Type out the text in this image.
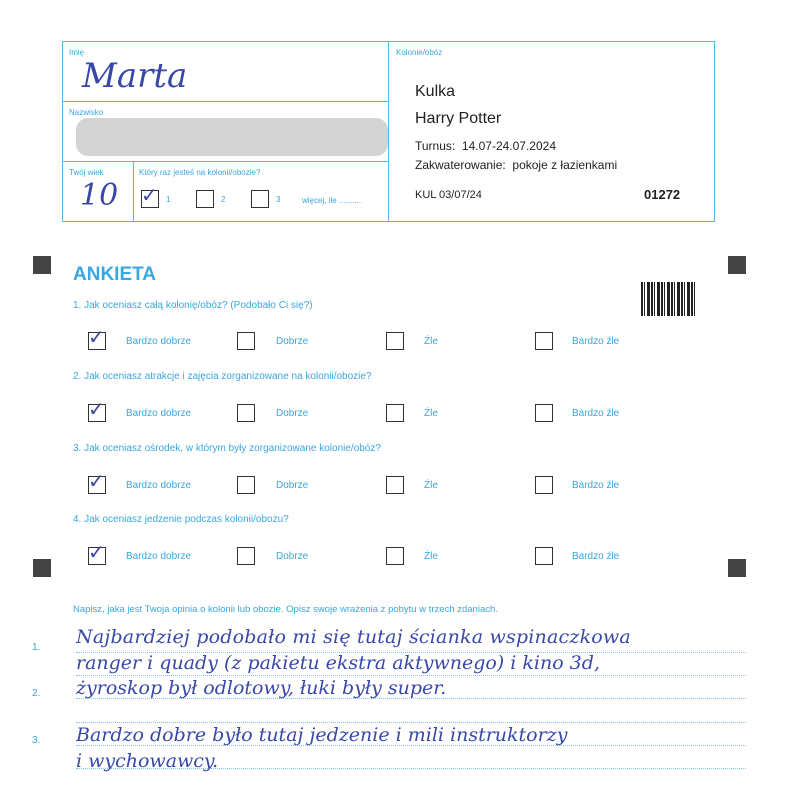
Imię
Marta
Nazwisko
Twój wiek
10
Który raz jesteś na kolonii/obozie?
✓ 1	2	3	więcej, ile ..........
Kolonie/obóz
Kulka
Harry Potter
Turnus: 14.07-24.07.2024
Zakwaterowanie: pokoje z łazienkami
KUL 03/07/24	01272
ANKIETA
1. Jak oceniasz całą kolonię/obóz? (Podobało Ci się?)
2. Jak oceniasz atrakcje i zajęcia zorganizowane na kolonii/obozie?
3. Jak oceniasz ośrodek, w którym były zorganizowane kolonie/obóz?
4. Jak oceniasz jedzenie podczas kolonii/obozu?
✓ Bardzo dobrze	Dobrze	Źle	Bardzo źle
✓ Bardzo dobrze	Dobrze	Źle	Bardzo źle
✓ Bardzo dobrze	Dobrze	Źle	Bardzo źle
✓ Bardzo dobrze	Dobrze	Źle	Bardzo źle
Napisz, jaka jest Twoja opinia o kolonii lub obozie. Opisz swoje wrażenia z pobytu w trzech zdaniach.
1.
2.
3.
Najbardziej podobało mi się tutaj ścianka wspinaczkowa
ranger i quady (z pakietu ekstra aktywnego) i kino 3d,
żyroskop był odlotowy, łuki były super.
Bardzo dobre było tutaj jedzenie i mili instruktorzy
i wychowawcy.
